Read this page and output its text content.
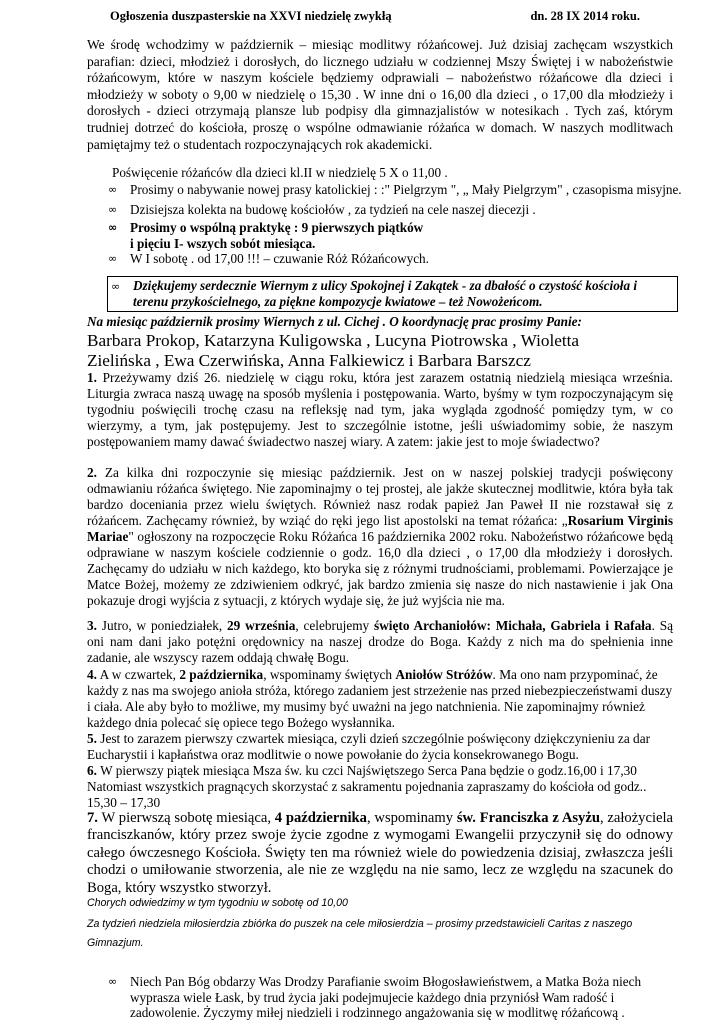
Ogłoszenia duszpasterskie na XXVI niedzielę zwykłą	dn. 28 IX 2014 roku.

We środę wchodzimy w październik – miesiąc modlitwy różańcowej. Już dzisiaj zachęcam wszystkich parafian: dzieci, młodzież i dorosłych, do licznego udziału w codziennej Mszy Świętej i w nabożeństwie różańcowym, które w naszym kościele będziemy odprawiali – nabożeństwo różańcowe dla dzieci i młodzieży w soboty o 9,00 w niedzielę o 15,30 . W inne dni o 16,00 dla dzieci , o 17,00 dla młodzieży i dorosłych - dzieci otrzymają plansze lub podpisy dla gimnazjalistów w notesikach . Tych zaś, którym trudniej dotrzeć do kościoła, proszę o wspólne odmawianie różańca w domach. W naszych modlitwach pamiętajmy też o studentach rozpoczynających rok akademicki.

Poświęcenie różańców dla dzieci kl.II w niedzielę 5 X o 11,00 .

∞ Prosimy o nabywanie nowej prasy katolickiej : :" Pielgrzym ", „ Mały Pielgrzym" , czasopisma misyjne.
∞ Dzisiejsza kolekta na budowę kościołów , za tydzień na cele naszej diecezji .
∞ Prosimy o wspólną praktykę : 9 pierwszych piątków
i pięciu I- wszych sobót miesiąca.
∞ W I sobotę . od 17,00 !!! – czuwanie Róż Różańcowych.
∞ Dziękujemy serdecznie Wiernym z ulicy Spokojnej i Zakątek - za dbałość o czystość kościoła i terenu przykościelnego, za piękne kompozycje kwiatowe – też Nowożeńcom.

Na miesiąc październik prosimy Wiernych z ul. Cichej . O koordynację prac prosimy Panie:

Barbara Prokop, Katarzyna Kuligowska , Lucyna Piotrowska , Wioletta Zielińska , Ewa Czerwińska, Anna Falkiewicz i Barbara Barszcz

1. Przeżywamy dziś 26. niedzielę w ciągu roku, która jest zarazem ostatnią niedzielą miesiąca września. Liturgia zwraca naszą uwagę na sposób myślenia i postępowania. Warto, byśmy w tym rozpoczynającym się tygodniu poświęcili trochę czasu na refleksję nad tym, jaka wygląda zgodność pomiędzy tym, w co wierzymy, a tym, jak postępujemy. Jest to szczególnie istotne, jeśli uświadomimy sobie, że naszym postępowaniem mamy dawać świadectwo naszej wiary. A zatem: jakie jest to moje świadectwo?

2. Za kilka dni rozpoczynie się miesiąc październik. Jest on w naszej polskiej tradycji poświęcony odmawianiu różańca świętego. Nie zapominajmy o tej prostej, ale jakże skutecznej modlitwie, która była tak bardzo doceniania przez wielu świętych. Również nasz rodak papież Jan Paweł II nie rozstawał się z różańcem. Zachęcamy również, by wziąć do ręki jego list apostolski na temat różańca: „Rosarium Virginis Mariae" ogłoszony na rozpoczęcie Roku Różańca 16 października 2002 roku. Nabożeństwo różańcowe będą odprawiane w naszym kościele codziennie o godz. 16,0 dla dzieci , o 17,00 dla młodzieży i dorosłych. Zachęcamy do udziału w nich każdego, kto boryka się z różnymi trudnościami, problemami. Powierzające je Matce Bożej, możemy ze zdziwieniem odkryć, jak bardzo zmienia się nasze do nich nastawienie i jak Ona pokazuje drogi wyjścia z sytuacji, z których wydaje się, że już wyjścia nie ma.

3. Jutro, w poniedziałek, 29 września, celebrujemy święto Archaniołów: Michała, Gabriela i Rafała. Są oni nam dani jako potężni orędownicy na naszej drodze do Boga. Każdy z nich ma do spełnienia inne zadanie, ale wszyscy razem oddają chwałę Bogu.

4. A w czwartek, 2 października, wspominamy świętych Aniołów Stróżów. Ma ono nam przypominać, że każdy z nas ma swojego anioła stróża, którego zadaniem jest strzeżenie nas przed niebezpieczeństwami duszy i ciała. Ale aby było to możliwe, my musimy być uważni na jego natchnienia. Nie zapominajmy również każdego dnia polecać się opiece tego Bożego wysłannika.

5. Jest to zarazem pierwszy czwartek miesiąca, czyli dzień szczególnie poświęcony dziękczynieniu za dar Eucharystii i kapłaństwa oraz modlitwie o nowe powołanie do życia konsekrowanego Bogu.

6. W pierwszy piątek miesiąca Msza św. ku czci Najświętszego Serca Pana będzie o godz.16,00 i 17,30 Natomiast wszystkich pragnących skorzystać z sakramentu pojednania zapraszamy do kościoła od godz.. 15,30 – 17,30

7. W pierwszą sobotę miesiąca, 4 października, wspominamy św. Franciszka z Asyżu, założyciela franciszkanów, który przez swoje życie zgodne z wymogami Ewangelii przyczynił się do odnowy całego ówczesnego Kościoła. Święty ten ma również wiele do powiedzenia dzisiaj, zwłaszcza jeśli chodzi o umiłowanie stworzenia, ale nie ze względu na nie samo, lecz ze względu na szacunek do Boga, który wszystko stworzył.

Chorych odwiedzimy w tym tygodniu w sobotę od 10,00

Za tydzień niedziela miłosierdzia zbiórka do puszek na cele miłosierdzia – prosimy przedstawicieli Caritas z naszego Gimnazjum.

∞ Niech Pan Bóg obdarzy Was Drodzy Parafianie swoim Błogosławieństwem, a Matka Boża niech wyprasza wiele Łask, by trud życia jaki podejmujecie każdego dnia przyniósł Wam radość i zadowolenie. Życzymy miłej niedzieli i rodzinnego angażowania się w modlitwę różańcową .
